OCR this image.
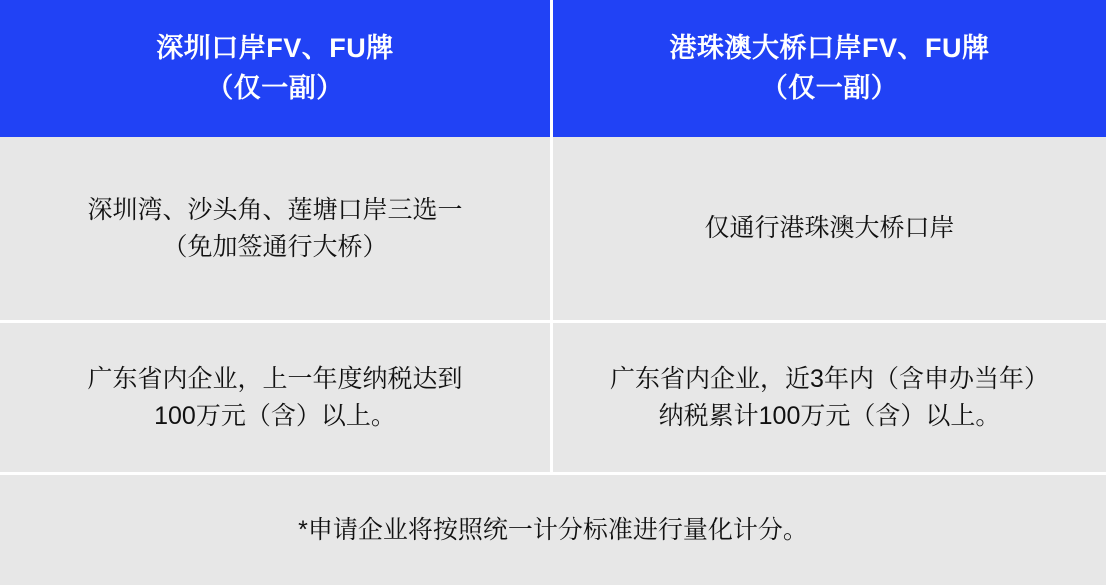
深圳口岸FV、FU牌
（仅一副）
港珠澳大桥口岸FV、FU牌
（仅一副）
深圳湾、沙头角、莲塘口岸三选一
（免加签通行大桥）
仅通行港珠澳大桥口岸
广东省内企业，上一年度纳税达到
100万元（含）以上。
广东省内企业，近3年内（含申办当年）
纳税累计100万元（含）以上。
*申请企业将按照统一计分标准进行量化计分。
